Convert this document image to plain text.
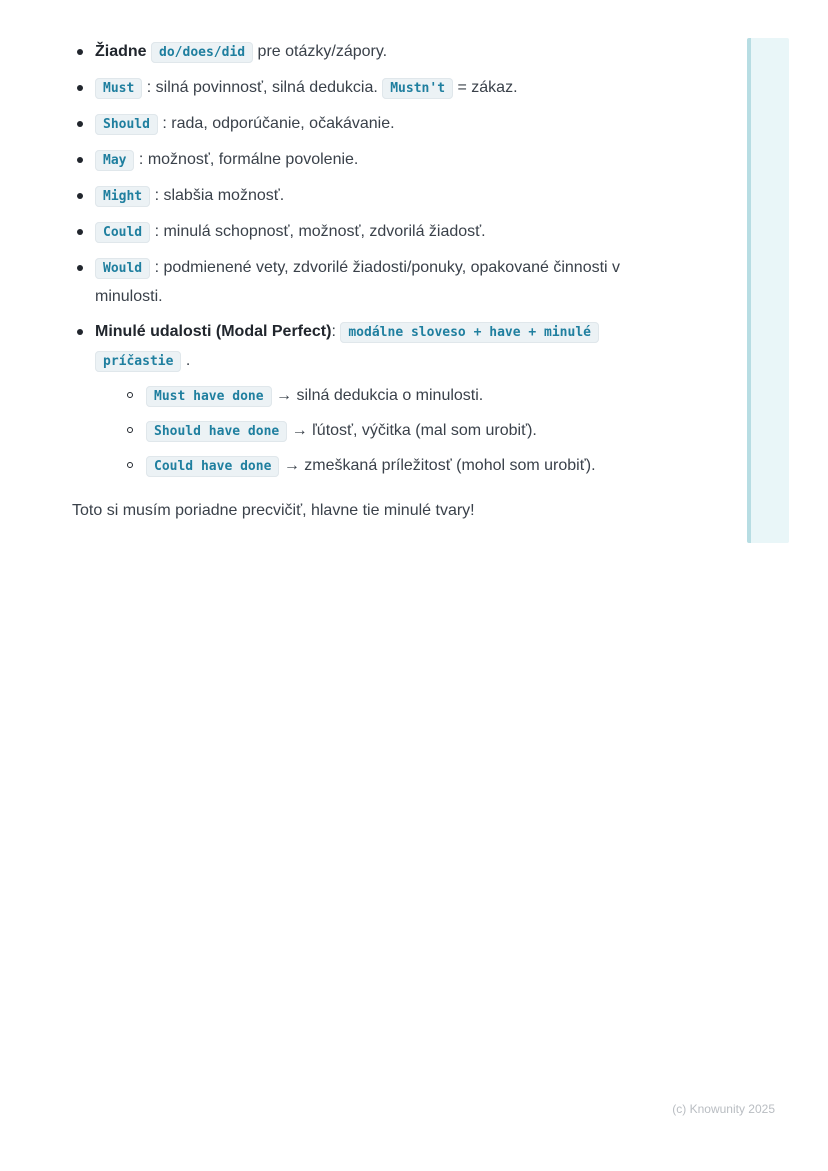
Žiadne do/does/did pre otázky/zápory.
Must : silná povinnosť, silná dedukcia. Mustn't = zákaz.
Should : rada, odporúčanie, očakávanie.
May : možnosť, formálne povolenie.
Might : slabšia možnosť.
Could : minulá schopnosť, možnosť, zdvorilá žiadosť.
Would : podmienené vety, zdvorilé žiadosti/ponuky, opakované činnosti v minulosti.
Minulé udalosti (Modal Perfect): modálne sloveso + have + minulé príčastie .
Must have done → silná dedukcia o minulosti.
Should have done → ľútosť, výčitka (mal som urobiť).
Could have done → zmeškaná príležitosť (mohol som urobiť).

Toto si musím poriadne precvičiť, hlavne tie minulé tvary!

(c) Knowunity 2025
